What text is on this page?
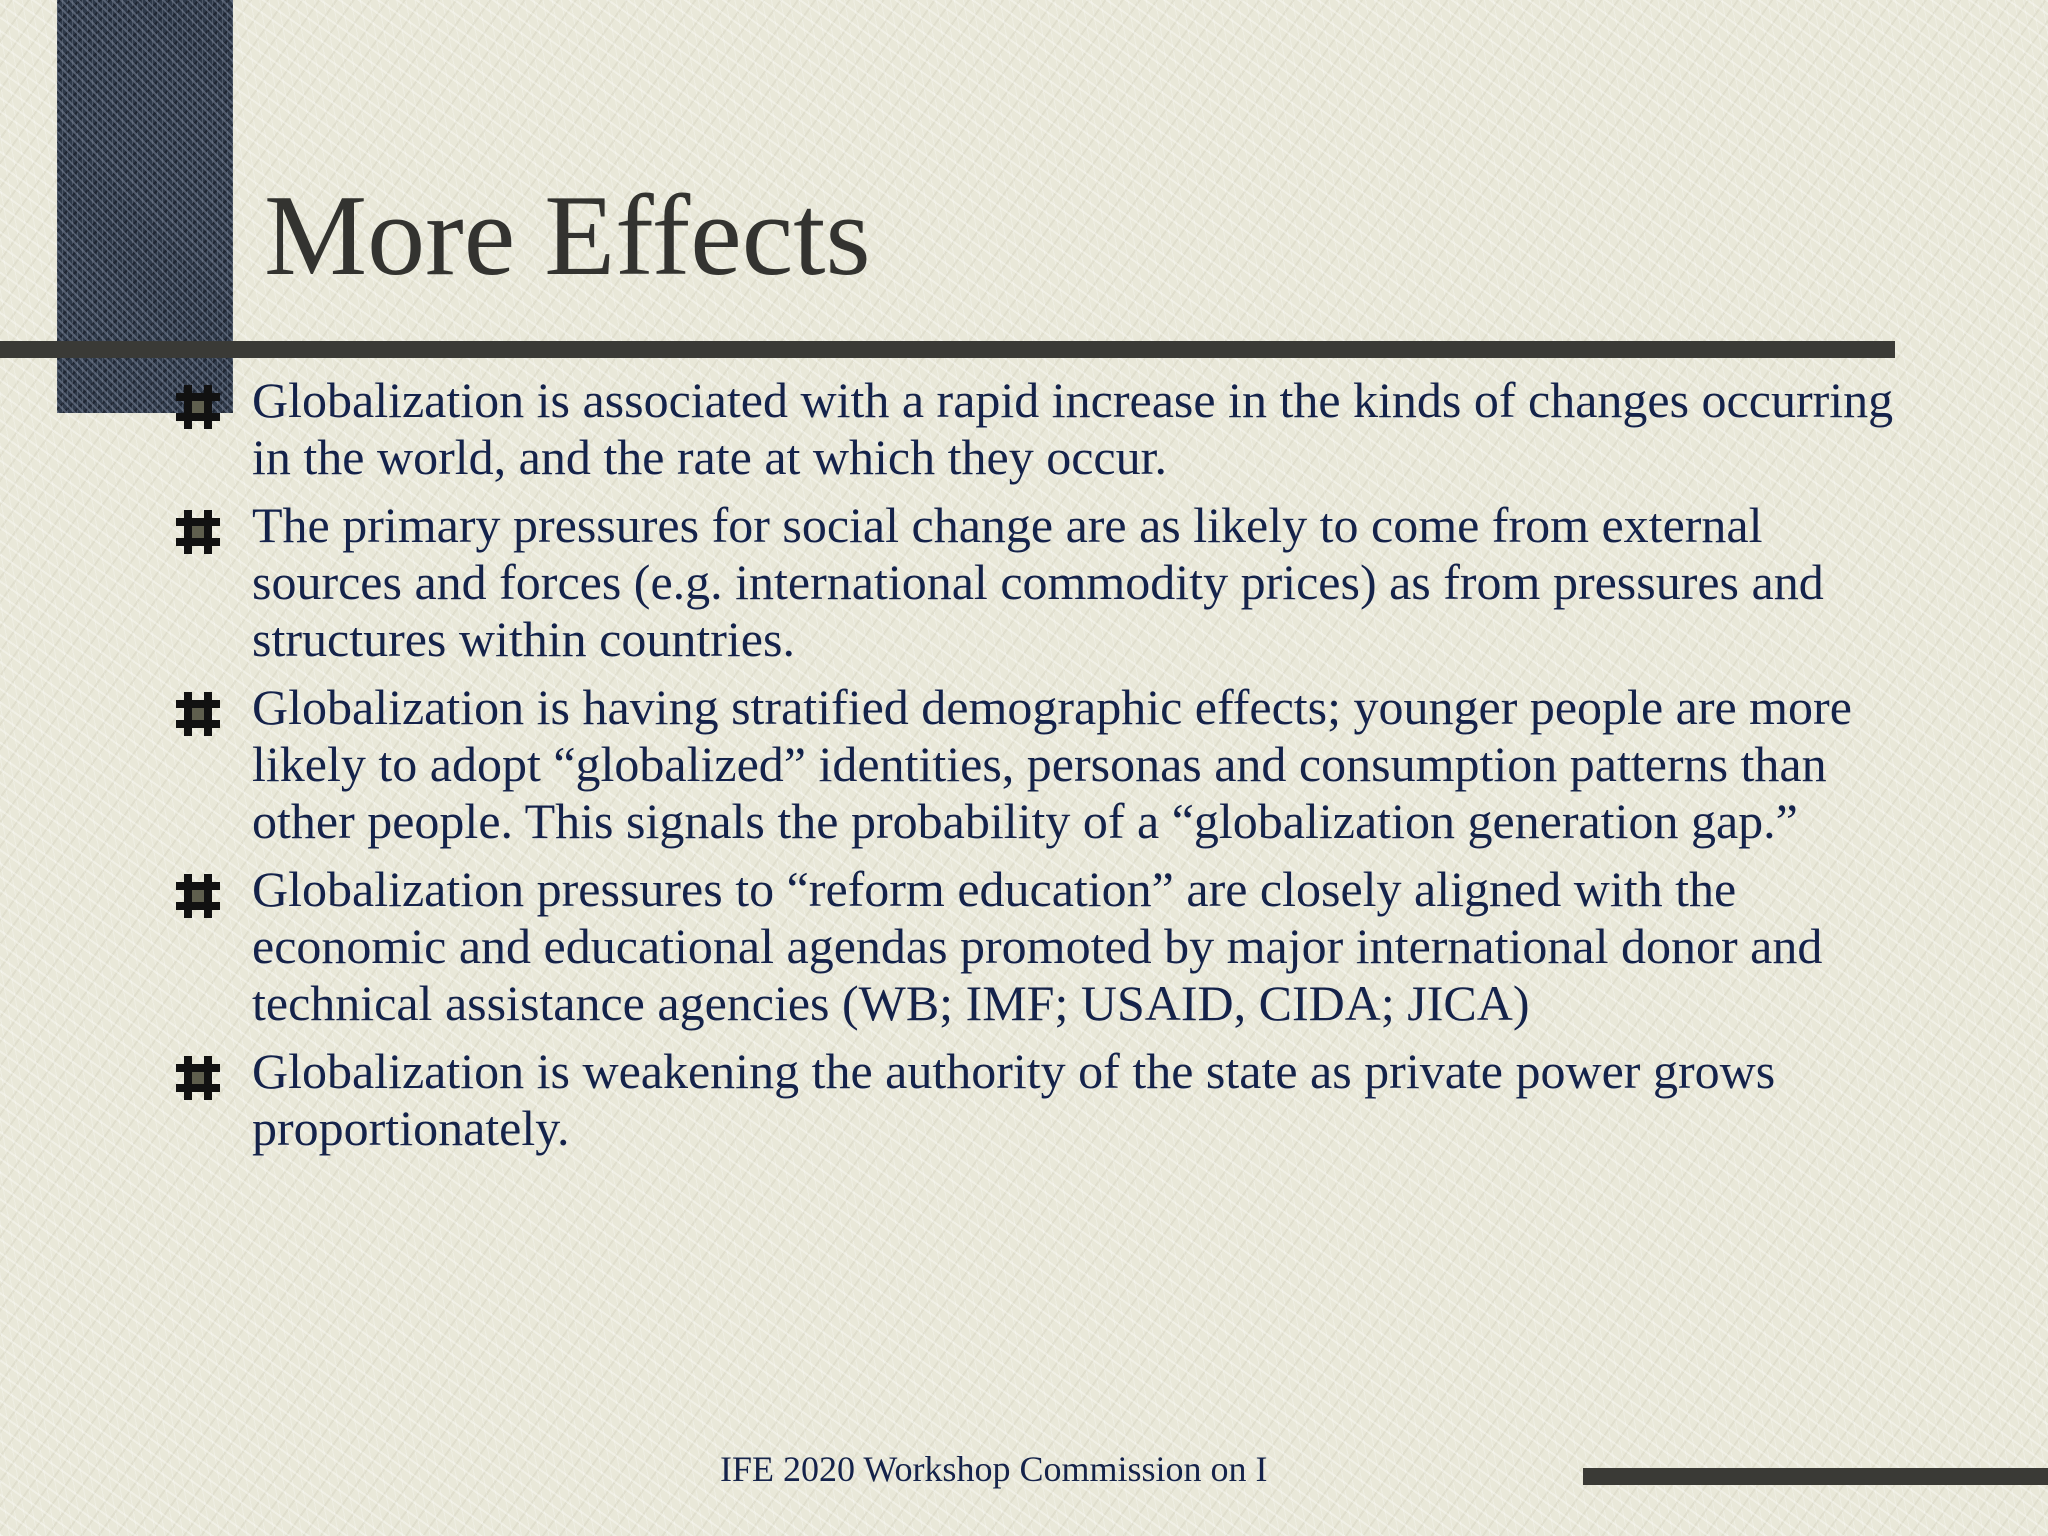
More Effects
Globalization is associated with a rapid increase in the kinds of changes occurring in the world, and the rate at which they occur.
The primary pressures for social change are as likely to come from external sources and forces (e.g. international commodity prices) as from pressures and structures within countries.
Globalization is having stratified demographic effects; younger people are more likely to adopt “globalized” identities, personas and consumption patterns than other people. This signals the probability of a “globalization generation gap.”
Globalization pressures to “reform education” are closely aligned with the economic and educational agendas promoted by major international donor and technical assistance agencies (WB; IMF; USAID, CIDA; JICA)
Globalization is weakening the authority of the state as private power grows proportionately.
IFE 2020 Workshop Commission on I
